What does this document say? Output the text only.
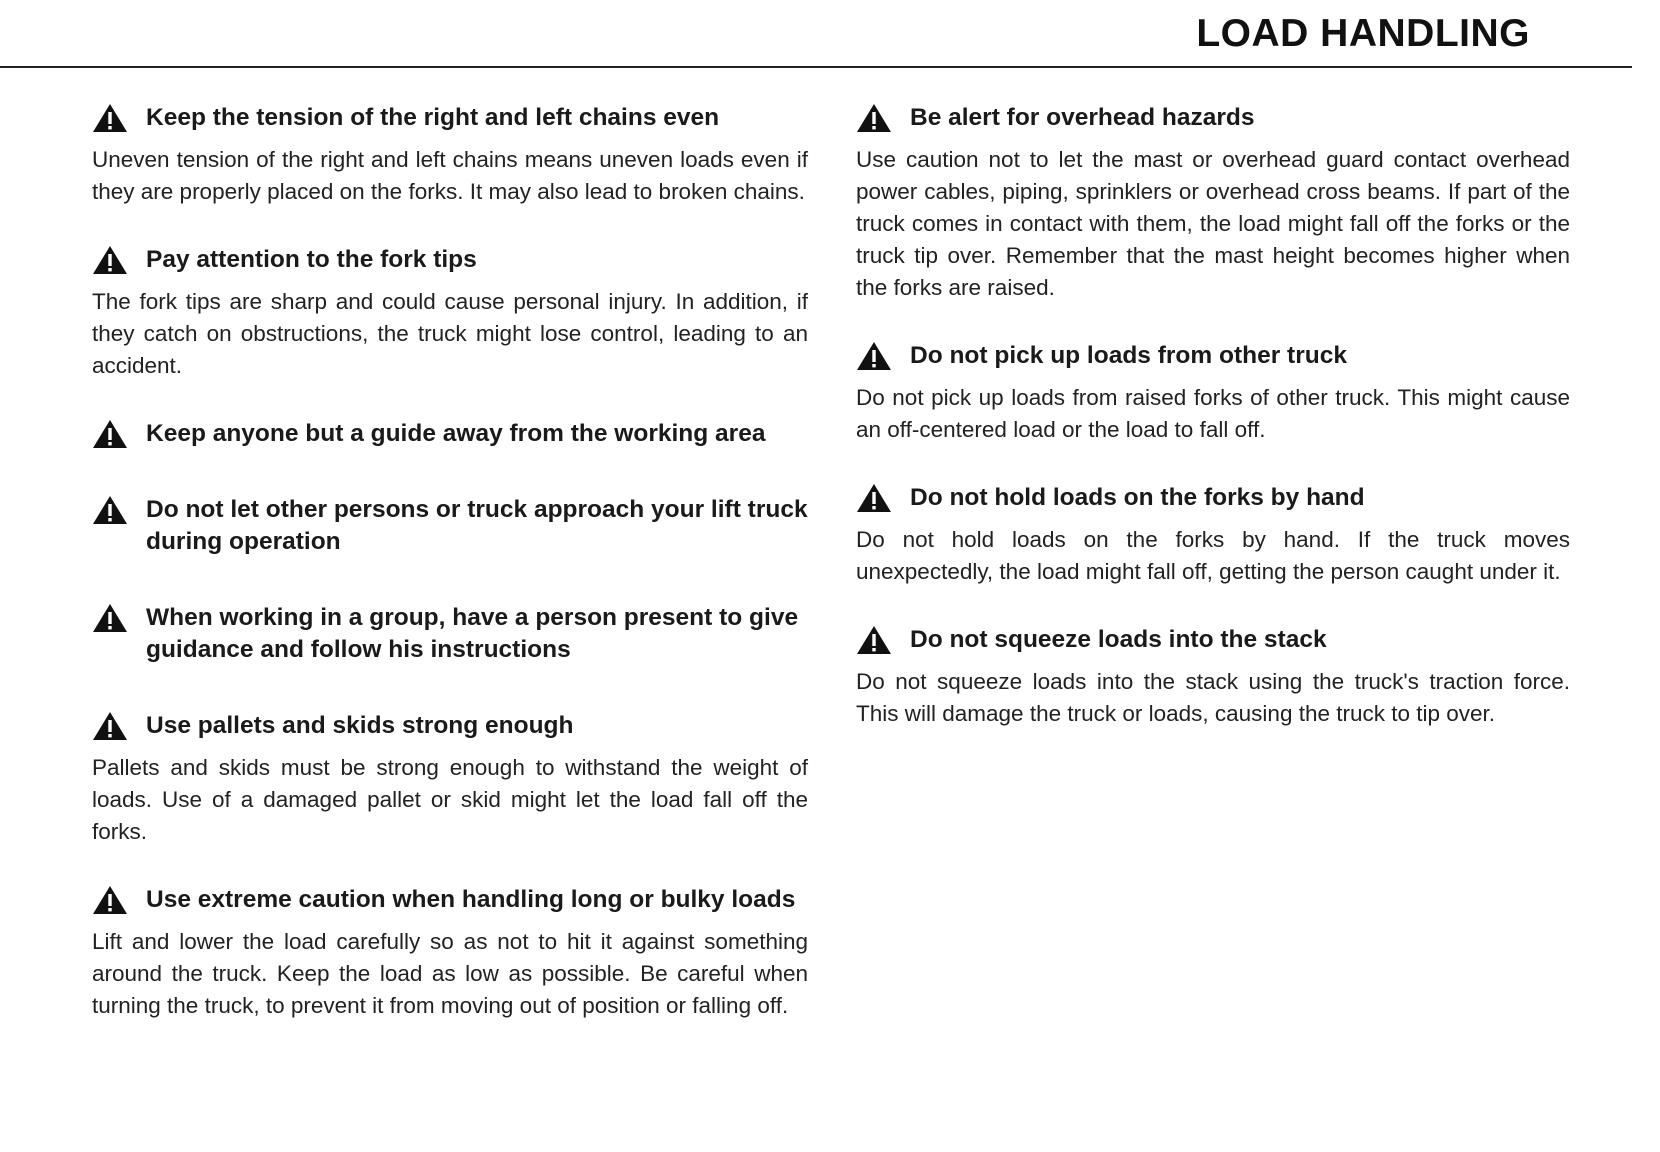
LOAD HANDLING
Keep the tension of the right and left chains even

Uneven tension of the right and left chains means uneven loads even if they are properly placed on the forks. It may also lead to broken chains.

Pay attention to the fork tips

The fork tips are sharp and could cause personal injury. In addition, if they catch on obstructions, the truck might lose control, leading to an accident.

Keep anyone but a guide away from the working area
Do not let other persons or truck approach your lift truck during operation
When working in a group, have a person present to give guidance and follow his instructions
Use pallets and skids strong enough

Pallets and skids must be strong enough to withstand the weight of loads. Use of a damaged pallet or skid might let the load fall off the forks.

Use extreme caution when handling long or bulky loads

Lift and lower the load carefully so as not to hit it against something around the truck. Keep the load as low as possible. Be careful when turning the truck, to prevent it from moving out of position or falling off.

Be alert for overhead hazards

Use caution not to let the mast or overhead guard contact overhead power cables, piping, sprinklers or overhead cross beams. If part of the truck comes in contact with them, the load might fall off the forks or the truck tip over. Remember that the mast height becomes higher when the forks are raised.

Do not pick up loads from other truck

Do not pick up loads from raised forks of other truck. This might cause an off-centered load or the load to fall off.

Do not hold loads on the forks by hand

Do not hold loads on the forks by hand. If the truck moves unexpectedly, the load might fall off, getting the person caught under it.

Do not squeeze loads into the stack

Do not squeeze loads into the stack using the truck's traction force. This will damage the truck or loads, causing the truck to tip over.
